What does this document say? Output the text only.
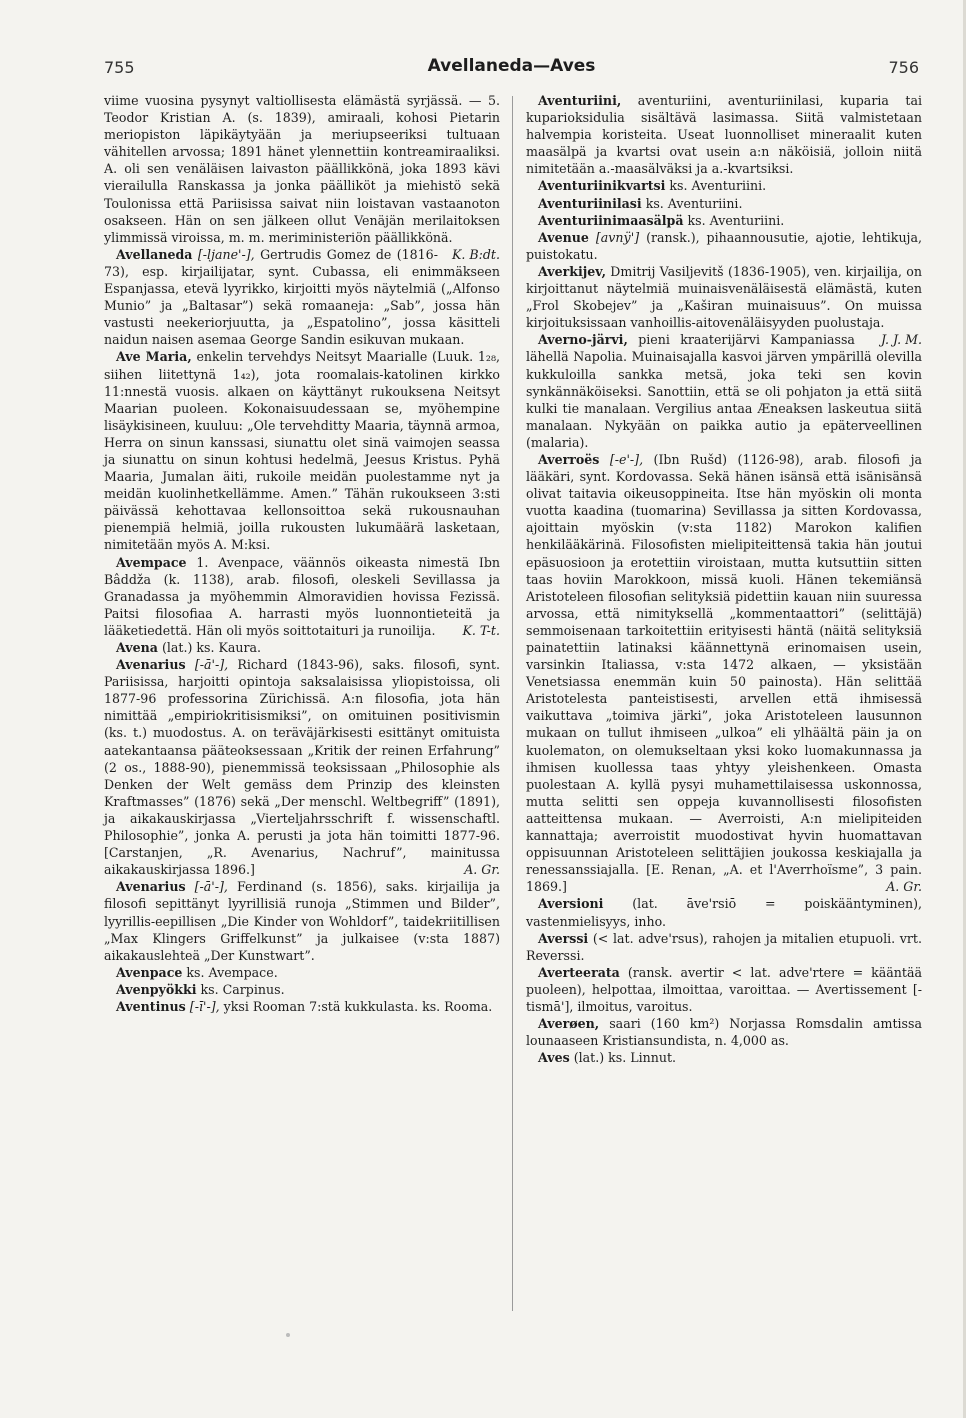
755	Avellaneda—Aves	756

viime vuosina pysynyt valtiollisesta elämästä syrjässä. — 5. Teodor Kristian A. (s. 1839), amiraali, kohosi Pietarin meriopiston läpikäytyään ja meriupseeriksi tultuaan vähitellen arvossa; 1891 hänet ylennettiin kontreamiraaliksi. A. oli sen venäläisen laivaston päällikkönä, joka 1893 kävi vierailulla Ranskassa ja jonka päälliköt ja miehistö sekä Toulonissa että Pariisissa saivat niin loistavan vastaanoton osakseen. Hän on sen jälkeen ollut Venäjän merilaitoksen ylimmissä viroissa, m. m. meriministeriön päällikkönä.
K. B:dt.

Avellaneda [-ljane'-], Gertrudis Gomez de (1816-73), esp. kirjailijatar, synt. Cubassa, eli enimmäkseen Espanjassa, etevä lyyrikko, kirjoitti myös näytelmiä („Alfonso Munio” ja „Baltasar”) sekä romaaneja: „Sab”, jossa hän vastusti neekeriorjuutta, ja „Espatolino”, jossa käsitteli naidun naisen asemaa George Sandin esikuvan mukaan.

Ave Maria, enkelin tervehdys Neitsyt Maarialle (Luuk. 1₂₈, siihen liitettynä 1₄₂), jota roomalais-katolinen kirkko 11:nnestä vuosis. alkaen on käyttänyt rukouksena Neitsyt Maarian puoleen. Kokonaisuudessaan se, myöhempine lisäykisineen, kuuluu: „Ole tervehditty Maaria, täynnä armoa, Herra on sinun kanssasi, siunattu olet sinä vaimojen seassa ja siunattu on sinun kohtusi hedelmä, Jeesus Kristus. Pyhä Maaria, Jumalan äiti, rukoile meidän puolestamme nyt ja meidän kuolinhetkellämme. Amen.” Tähän rukoukseen 3:sti päivässä kehottavaa kellonsoittoa sekä rukousnauhan pienempiä helmiä, joilla rukousten lukumäärä lasketaan, nimitetään myös A. M:ksi.

Avempace 1. Avenpace, väännös oikeasta nimestä Ibn Bâddža (k. 1138), arab. filosofi, oleskeli Sevillassa ja Granadassa ja myöhemmin Almoravidien hovissa Fezissä. Paitsi filosofiaa A. harrasti myös luonnontieteitä ja lääketiedettä. Hän oli myös soittotaituri ja runoilija.	K. T-t.

Avena (lat.) ks. Kaura.

Avenarius [-ā'-], Richard (1843-96), saks. filosofi, synt. Pariisissa, harjoitti opintoja saksalaisissa yliopistoissa, oli 1877-96 professorina Zürichissä. A:n filosofia, jota hän nimittää „empiriokritisismiksi”, on omituinen positivismin (ks. t.) muodostus. A. on teräväjärkisesti esittänyt omituista aatekantaansa pääteoksessaan „Kritik der reinen Erfahrung” (2 os., 1888-90), pienemmissä teoksissaan „Philosophie als Denken der Welt gemäss dem Prinzip des kleinsten Kraftmasses” (1876) sekä „Der menschl. Weltbegriff” (1891), ja aikakauskirjassa „Vierteljahrsschrift f. wissenschaftl. Philosophie”, jonka A. perusti ja jota hän toimitti 1877-96. [Carstanjen, „R. Avenarius, Nachruf”, mainitussa aikakauskirjassa 1896.]	A. Gr.

Avenarius [-ā'-], Ferdinand (s. 1856), saks. kirjailija ja filosofi sepittänyt lyyrillisiä runoja „Stimmen und Bilder”, lyyrillis-eepillisen „Die Kinder von Wohldorf”, taidekriitillisen „Max Klingers Griffelkunst” ja julkaisee (v:sta 1887) aikakauslehteä „Der Kunstwart”.

Avenpace ks. Avempace.

Avenpyökki ks. Carpinus.

Aventinus [-ī'-], yksi Rooman 7:stä kukkulasta. ks. Rooma.

Aventuriini, aventuriini, aventuriinilasi, kuparia tai kuparioksidulia sisältävä lasimassa. Siitä valmistetaan halvempia koristeita. Useat luonnolliset mineraalit kuten maasälpä ja kvartsi ovat usein a:n näköisiä, jolloin niitä nimitetään a.-maasälväksi ja a.-kvartsiksi.

Aventuriinikvartsi ks. Aventuriini.

Aventuriinilasi ks. Aventuriini.

Aventuriinimaasälpä ks. Aventuriini.

Avenue [avnӱ'] (ransk.), pihaannousutie, ajotie, lehtikuja, puistokatu.

Averkijev, Dmitrij Vasiljevitš (1836-1905), ven. kirjailija, on kirjoittanut näytelmiä muinaisvenäläisestä elämästä, kuten „Frol Skobejev” ja „Kaširan muinaisuus”. On muissa kirjoituksissaan vanhoillis-aitovenäläisyyden puolustaja.
J. J. M.

Averno-järvi, pieni kraaterijärvi Kampaniassa lähellä Napolia. Muinaisajalla kasvoi järven ympärillä olevilla kukkuloilla sankka metsä, joka teki sen kovin synkännäköiseksi. Sanottiin, että se oli pohjaton ja että siitä kulki tie manalaan. Vergilius antaa Æneaksen laskeutua siitä manalaan. Nykyään on paikka autio ja epäterveellinen (malaria).

Averroës [-e'-], (Ibn Rušd) (1126-98), arab. filosofi ja lääkäri, synt. Kordovassa. Sekä hänen isänsä että isänisänsä olivat taitavia oikeusoppineita. Itse hän myöskin oli monta vuotta kaadina (tuomarina) Sevillassa ja sitten Kordovassa, ajoittain myöskin (v:sta 1182) Marokon kalifien henkilääkärinä. Filosofisten mielipiteittensä takia hän joutui epäsuosioon ja erotettiin viroistaan, mutta kutsuttiin sitten taas hoviin Marokkoon, missä kuoli. Hänen tekemiänsä Aristoteleen filosofian selityksiä pidettiin kauan niin suuressa arvossa, että nimityksellä „kommentaattori” (selittäjä) semmoisenaan tarkoitettiin erityisesti häntä (näitä selityksiä painatettiin latinaksi käännettynä erinomaisen usein, varsinkin Italiassa, v:sta 1472 alkaen, — yksistään Venetsiassa enemmän kuin 50 painosta). Hän selittää Aristotelesta panteistisesti, arvellen että ihmisessä vaikuttava „toimiva järki”, joka Aristoteleen lausunnon mukaan on tullut ihmiseen „ulkoa” eli ylhäältä päin ja on kuolematon, on olemukseltaan yksi koko luomakunnassa ja ihmisen kuollessa taas yhtyy yleishenkeen. Omasta puolestaan A. kyllä pysyi muhamettilaisessa uskonnossa, mutta selitti sen oppeja kuvannollisesti filosofisten aatteittensa mukaan. — Averroisti, A:n mielipiteiden kannattaja; averroistit muodostivat hyvin huomattavan oppisuunnan Aristoteleen selittäjien joukossa keskiajalla ja renessanssiajalla. [E. Renan, „A. et l'Averrhoïsme”, 3 pain. 1869.]	A. Gr.

Aversioni (lat. āve'rsiō = poiskääntyminen), vastenmielisyys, inho.

Averssi (< lat. adve'rsus), rahojen ja mitalien etupuoli. vrt. Reverssi.

Averteerata (ransk. avertir < lat. adve'rtere = kääntää puoleen), helpottaa, ilmoittaa, varoittaa. — Avertissement [-tismā'], ilmoitus, varoitus.

Averøen, saari (160 km²) Norjassa Romsdalin amtissa lounaaseen Kristiansundista, n. 4,000 as.

Aves (lat.) ks. Linnut.
